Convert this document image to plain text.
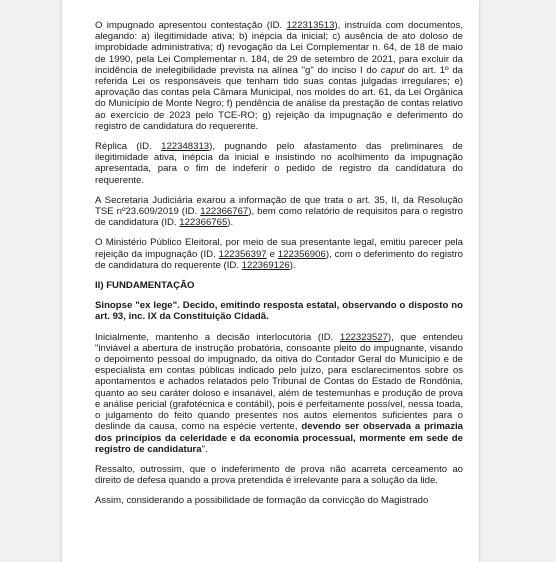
O impugnado apresentou contestação (ID. 122313513), instruída com documentos, alegando: a) ilegitimidade ativa; b) inépcia da inicial; c) ausência de ato doloso de improbidade administrativa; d) revogação da Lei Complementar n. 64, de 18 de maio de 1990, pela Lei Complementar n. 184, de 29 de setembro de 2021, para excluir da incidência de inelegibilidade prevista na alínea "g" do inciso I do caput do art. 1º da referida Lei os responsáveis que tenham tido suas contas julgadas irregulares; e) aprovação das contas pela Câmara Municipal, nos moldes do art. 61, da Lei Orgânica do Município de Monte Negro; f) pendência de análise da prestação de contas relativo ao exercício de 2023 pelo TCE-RO; g) rejeição da impugnação e deferimento do registro de candidatura do requerente.

Réplica (ID. 122348313), pugnando pelo afastamento das preliminares de ilegitimidade ativa, inépcia da inicial e insistindo no acolhimento da impugnação apresentada, para o fim de indeferir o pedido de registro da candidatura do requerente.

A Secretaria Judiciária exarou a informação de que trata o art. 35, II, da Resolução TSE nº23.609/2019 (ID. 122366767), bem como relatório de requisitos para o registro de candidatura (ID. 122366765).

O Ministério Público Eleitoral, por meio de sua presentante legal, emitiu parecer pela rejeição da impugnação (ID. 122356397 e 122356906), com o deferimento do registro de candidatura do requerente (ID. 122369126).

II) FUNDAMENTAÇÃO
Sinopse "ex lege". Decido, emitindo resposta estatal, observando o disposto no art. 93, inc. IX da Constituição Cidadã.

Inicialmente, mantenho a decisão interlocutória (ID. 122323527), que entendeu "inviável a abertura de instrução probatória, consoante pleito do impugnante, visando o depoimento pessoal do impugnado, da oitiva do Contador Geral do Município e de especialista em contas públicas indicado pelo juízo, para esclarecimentos sobre os apontamentos e achados relatados pelo Tribunal de Contas do Estado de Rondônia, quanto ao seu caráter doloso e insanável, além de testemunhas e produção de prova e análise pericial (grafotécnica e contábil), pois é perfeitamente possível, nessa toada, o julgamento do feito quando presentes nos autos elementos suficientes para o deslinde da causa, como na espécie vertente, devendo ser observada a primazia dos princípios da celeridade e da economia processual, mormente em sede de registro de candidatura".

Ressalto, outrossim, que o indeferimento de prova não acarreta cerceamento ao direito de defesa quando a prova pretendida é irrelevante para a solução da lide.

Assim, considerando a possibilidade de formação da convicção do Magistrado
